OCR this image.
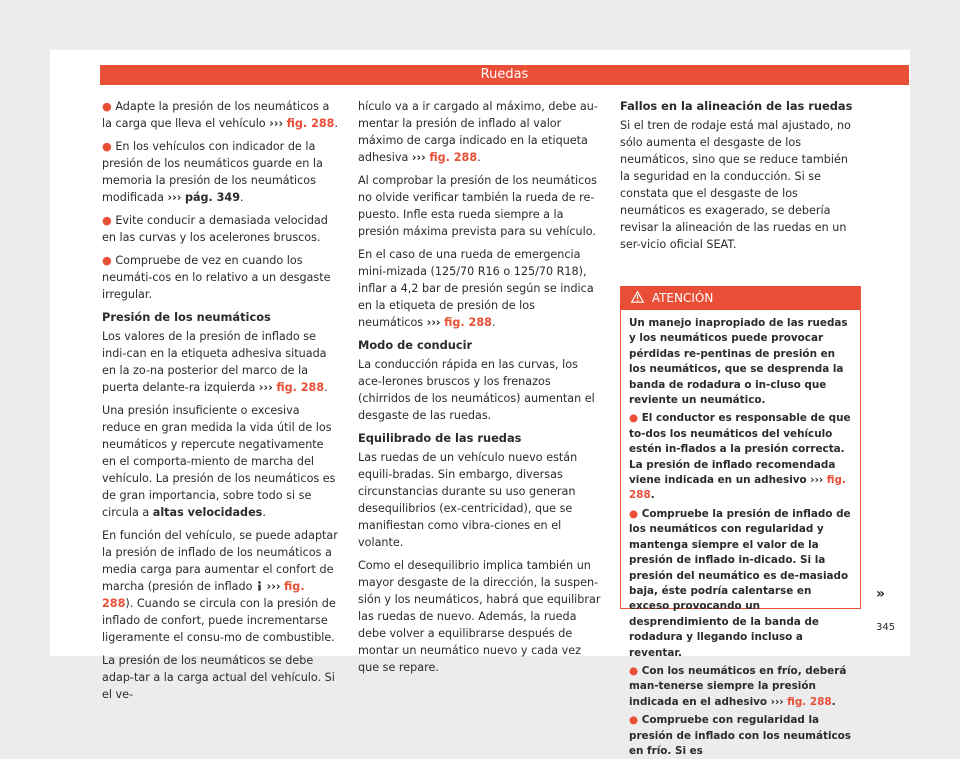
Ruedas

● Adapte la presión de los neumáticos a la carga que lleva el vehículo ››› fig. 288.

● En los vehículos con indicador de la presión de los neumáticos guarde en la memoria la presión de los neumáticos modificada ››› pág. 349.

● Evite conducir a demasiada velocidad en las curvas y los acelerones bruscos.

● Compruebe de vez en cuando los neumáti-cos en lo relativo a un desgaste irregular.

Presión de los neumáticos

Los valores de la presión de inflado se indi-can en la etiqueta adhesiva situada en la zo-na posterior del marco de la puerta delante-ra izquierda ››› fig. 288.

Una presión insuficiente o excesiva reduce en gran medida la vida útil de los neumáticos y repercute negativamente en el comporta-miento de marcha del vehículo. La presión de los neumáticos es de gran importancia, sobre todo si se circula a altas velocidades.

En función del vehículo, se puede adaptar la presión de inflado de los neumáticos a media carga para aumentar el confort de marcha (presión de inflado ››› fig. 288). Cuando se circula con la presión de inflado de confort, puede incrementarse ligeramente el consu-mo de combustible.

La presión de los neumáticos se debe adap-tar a la carga actual del vehículo. Si el ve-

hículo va a ir cargado al máximo, debe au-mentar la presión de inflado al valor máximo de carga indicado en la etiqueta adhesiva ››› fig. 288.

Al comprobar la presión de los neumáticos no olvide verificar también la rueda de re-puesto. Infle esta rueda siempre a la presión máxima prevista para su vehículo.

En el caso de una rueda de emergencia mini-mizada (125/70 R16 o 125/70 R18), inflar a 4,2 bar de presión según se indica en la etiqueta de presión de los neumáticos ››› fig. 288.

Modo de conducir

La conducción rápida en las curvas, los ace-lerones bruscos y los frenazos (chirridos de los neumáticos) aumentan el desgaste de las ruedas.

Equilibrado de las ruedas

Las ruedas de un vehículo nuevo están equili-bradas. Sin embargo, diversas circunstancias durante su uso generan desequilibrios (ex-centricidad), que se manifiestan como vibra-ciones en el volante.

Como el desequilibrio implica también un mayor desgaste de la dirección, la suspen-sión y los neumáticos, habrá que equilibrar las ruedas de nuevo. Además, la rueda debe volver a equilibrarse después de montar un neumático nuevo y cada vez que se repare.

Fallos en la alineación de las ruedas

Si el tren de rodaje está mal ajustado, no sólo aumenta el desgaste de los neumáticos, sino que se reduce también la seguridad en la conducción. Si se constata que el desgaste de los neumáticos es exagerado, se debería revisar la alineación de las ruedas en un ser-vicio oficial SEAT.

ATENCIÓN

Un manejo inapropiado de las ruedas y los neumáticos puede provocar pérdidas re-pentinas de presión en los neumáticos, que se desprenda la banda de rodadura o in-cluso que reviente un neumático.

● El conductor es responsable de que to-dos los neumáticos del vehículo estén in-flados a la presión correcta. La presión de inflado recomendada viene indicada en un adhesivo ››› fig. 288.

● Compruebe la presión de inflado de los neumáticos con regularidad y mantenga siempre el valor de la presión de inflado in-dicado. Si la presión del neumático es de-masiado baja, éste podría calentarse en exceso provocando un desprendimiento de la banda de rodadura y llegando incluso a reventar.

● Con los neumáticos en frío, deberá man-tenerse siempre la presión indicada en el adhesivo ››› fig. 288.

● Compruebe con regularidad la presión de inflado con los neumáticos en frío. Si es

»
345
